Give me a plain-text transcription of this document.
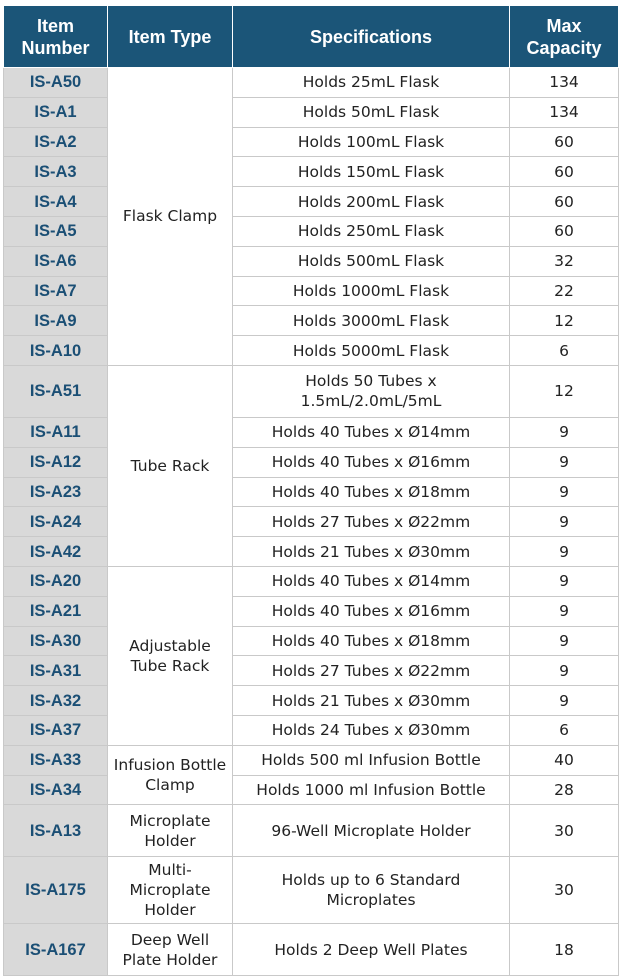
Item Number	Item Type	Specifications	Max Capacity
IS-A50	Flask Clamp	Holds 25mL Flask	134
IS-A1		Holds 50mL Flask	134
IS-A2		Holds 100mL Flask	60
IS-A3		Holds 150mL Flask	60
IS-A4		Holds 200mL Flask	60
IS-A5		Holds 250mL Flask	60
IS-A6		Holds 500mL Flask	32
IS-A7		Holds 1000mL Flask	22
IS-A9		Holds 3000mL Flask	12
IS-A10		Holds 5000mL Flask	6
IS-A51	Tube Rack	Holds 50 Tubes x 1.5mL/2.0mL/5mL	12
IS-A11		Holds 40 Tubes x Ø14mm	9
IS-A12		Holds 40 Tubes x Ø16mm	9
IS-A23		Holds 40 Tubes x Ø18mm	9
IS-A24		Holds 27 Tubes x Ø22mm	9
IS-A42		Holds 21 Tubes x Ø30mm	9
IS-A20	Adjustable Tube Rack	Holds 40 Tubes x Ø14mm	9
IS-A21		Holds 40 Tubes x Ø16mm	9
IS-A30		Holds 40 Tubes x Ø18mm	9
IS-A31		Holds 27 Tubes x Ø22mm	9
IS-A32		Holds 21 Tubes x Ø30mm	9
IS-A37		Holds 24 Tubes x Ø30mm	6
IS-A33	Infusion Bottle Clamp	Holds 500 ml Infusion Bottle	40
IS-A34		Holds 1000 ml Infusion Bottle	28
IS-A13	Microplate Holder	96-Well Microplate Holder	30
IS-A175	Multi-Microplate Holder	Holds up to 6 Standard Microplates	30
IS-A167	Deep Well Plate Holder	Holds 2 Deep Well Plates	18
